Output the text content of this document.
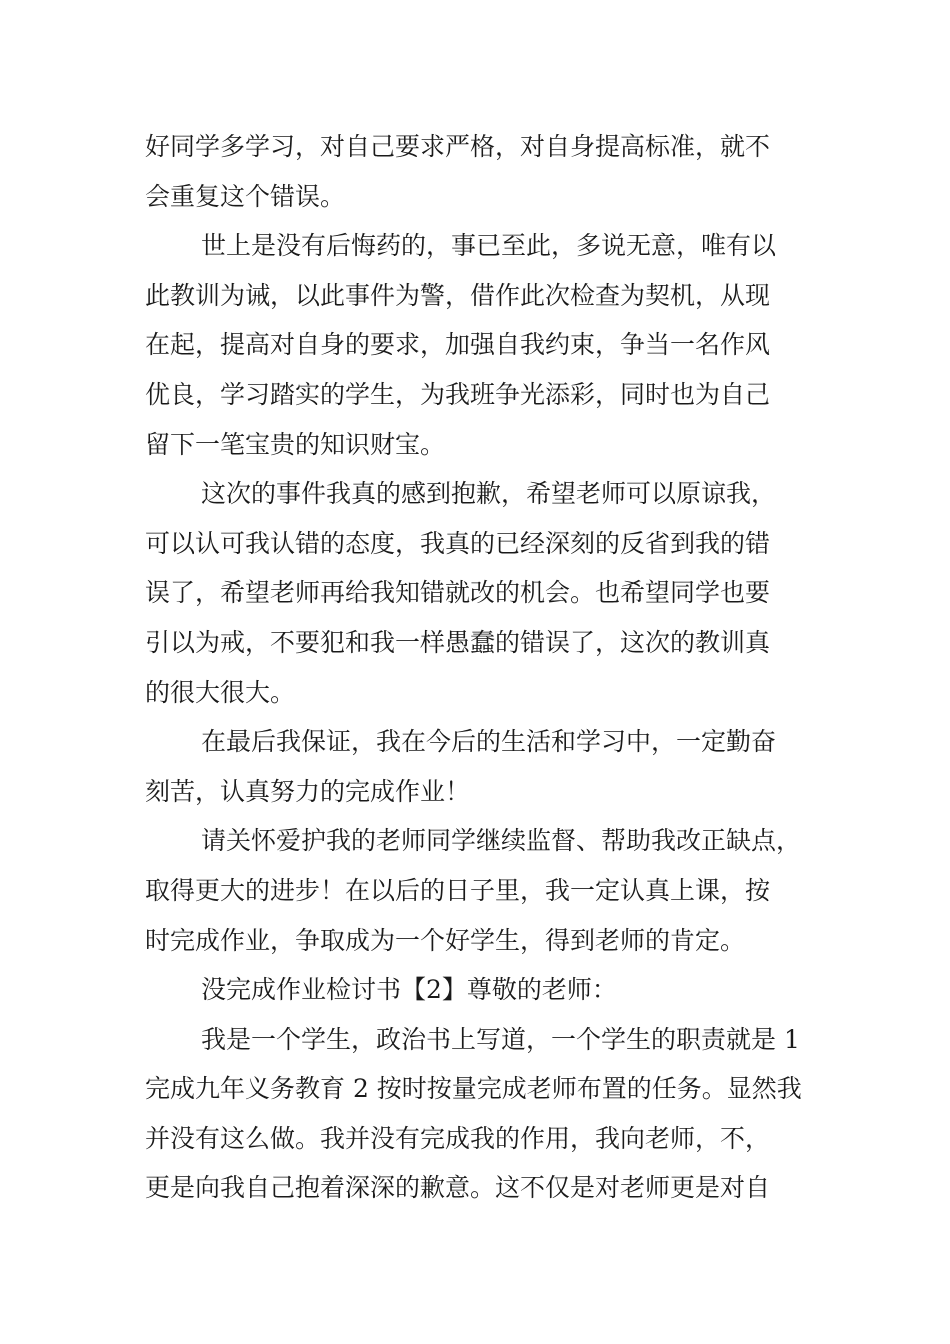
好同学多学习，对自己要求严格，对自身提高标准，就不
会重复这个错误。
世上是没有后悔药的，事已至此，多说无意，唯有以
此教训为诫，以此事件为警，借作此次检查为契机，从现
在起，提高对自身的要求，加强自我约束，争当一名作风
优良，学习踏实的学生，为我班争光添彩，同时也为自己
留下一笔宝贵的知识财宝。
这次的事件我真的感到抱歉，希望老师可以原谅我，
可以认可我认错的态度，我真的已经深刻的反省到我的错
误了，希望老师再给我知错就改的机会。也希望同学也要
引以为戒，不要犯和我一样愚蠢的错误了，这次的教训真
的很大很大。
在最后我保证，我在今后的生活和学习中，一定勤奋
刻苦，认真努力的完成作业！
请关怀爱护我的老师同学继续监督、帮助我改正缺点，
取得更大的进步！在以后的日子里，我一定认真上课，按
时完成作业，争取成为一个好学生，得到老师的肯定。
没完成作业检讨书【2】尊敬的老师：
我是一个学生，政治书上写道，一个学生的职责就是 1
完成九年义务教育 2 按时按量完成老师布置的任务。显然我
并没有这么做。我并没有完成我的作用，我向老师，不，
更是向我自己抱着深深的歉意。这不仅是对老师更是对自
